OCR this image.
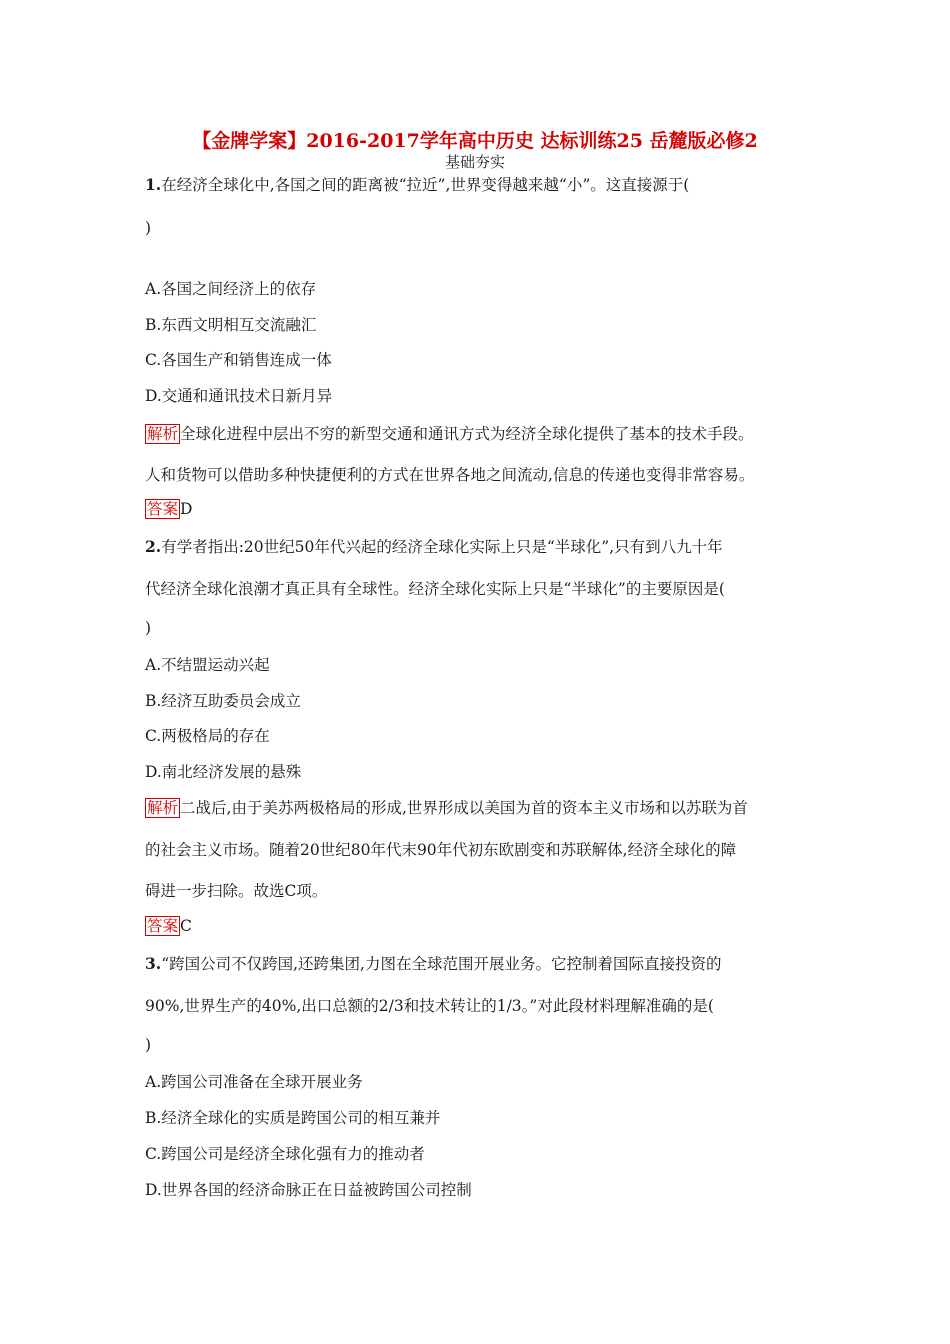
【金牌学案】2016-2017学年高中历史 达标训练25 岳麓版必修2
基础夯实
1.在经济全球化中,各国之间的距离被“拉近”,世界变得越来越“小”。这直接源于(
)
A.各国之间经济上的依存
B.东西文明相互交流融汇
C.各国生产和销售连成一体
D.交通和通讯技术日新月异
解析 全球化进程中层出不穷的新型交通和通讯方式为经济全球化提供了基本的技术手段。
人和货物可以借助多种快捷便利的方式在世界各地之间流动,信息的传递也变得非常容易。
答案 D
2.有学者指出:20世纪50年代兴起的经济全球化实际上只是“半球化”,只有到八九十年
代经济全球化浪潮才真正具有全球性。经济全球化实际上只是“半球化”的主要原因是(
)
A.不结盟运动兴起
B.经济互助委员会成立
C.两极格局的存在
D.南北经济发展的悬殊
解析 二战后,由于美苏两极格局的形成,世界形成以美国为首的资本主义市场和以苏联为首
的社会主义市场。随着20世纪80年代末90年代初东欧剧变和苏联解体,经济全球化的障
碍进一步扫除。故选C项。
答案 C
3.“跨国公司不仅跨国,还跨集团,力图在全球范围开展业务。它控制着国际直接投资的
90%,世界生产的40%,出口总额的2/3和技术转让的1/3。”对此段材料理解准确的是(
)
A.跨国公司准备在全球开展业务
B.经济全球化的实质是跨国公司的相互兼并
C.跨国公司是经济全球化强有力的推动者
D.世界各国的经济命脉正在日益被跨国公司控制
